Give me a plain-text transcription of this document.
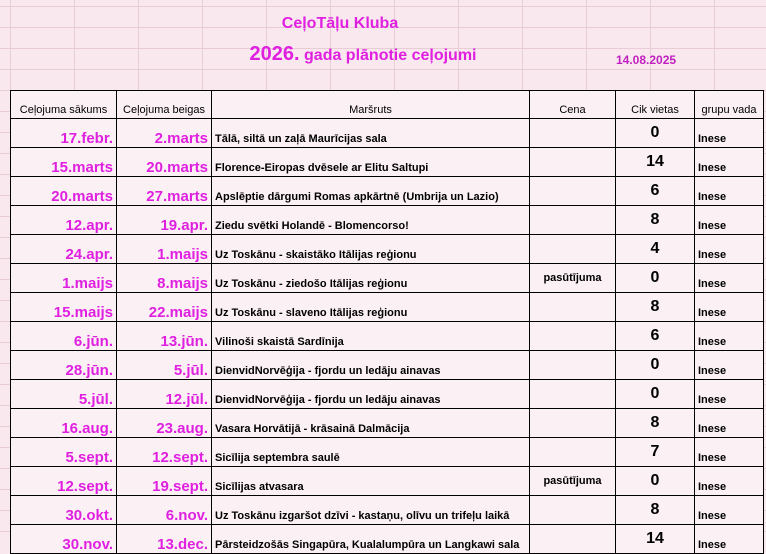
CeļoTāļu Kluba
2026. gada plānotie ceļojumi	14.08.2025
Ceļojuma sākums	Ceļojuma beigas	Maršruts	Cena	Cik vietas	grupu vada
17.febr.	2.marts	Tālā, siltā un zaļā Maurīcijas sala		0	Inese
15.marts	20.marts	Florence-Eiropas dvēsele ar Elitu Saltupi		14	Inese
20.marts	27.marts	Apslēptie dārgumi Romas apkārtnē (Umbrija un Lazio)		6	Inese
12.apr.	19.apr.	Ziedu svētki Holandē - Blomencorso!		8	Inese
24.apr.	1.maijs	Uz Toskānu - skaistāko Itālijas reģionu		4	Inese
1.maijs	8.maijs	Uz Toskānu - ziedošo Itālijas reģionu	pasūtījuma	0	Inese
15.maijs	22.maijs	Uz Toskānu - slaveno Itālijas reģionu		8	Inese
6.jūn.	13.jūn.	Vilinoši skaistā Sardīnija		6	Inese
28.jūn.	5.jūl.	DienvidNorvēģija - fjordu un ledāju ainavas		0	Inese
5.jūl.	12.jūl.	DienvidNorvēģija - fjordu un ledāju ainavas		0	Inese
16.aug.	23.aug.	Vasara Horvātijā - krāsainā Dalmācija		8	Inese
5.sept.	12.sept.	Sicīlija septembra saulē		7	Inese
12.sept.	19.sept.	Sicīlijas atvasara	pasūtījuma	0	Inese
30.okt.	6.nov.	Uz Toskānu izgaršot dzīvi - kastaņu, olīvu un trifeļu laikā		8	Inese
30.nov.	13.dec.	Pārsteidzošās Singapūra, Kualalumpūra un Langkawi sala		14	Inese
